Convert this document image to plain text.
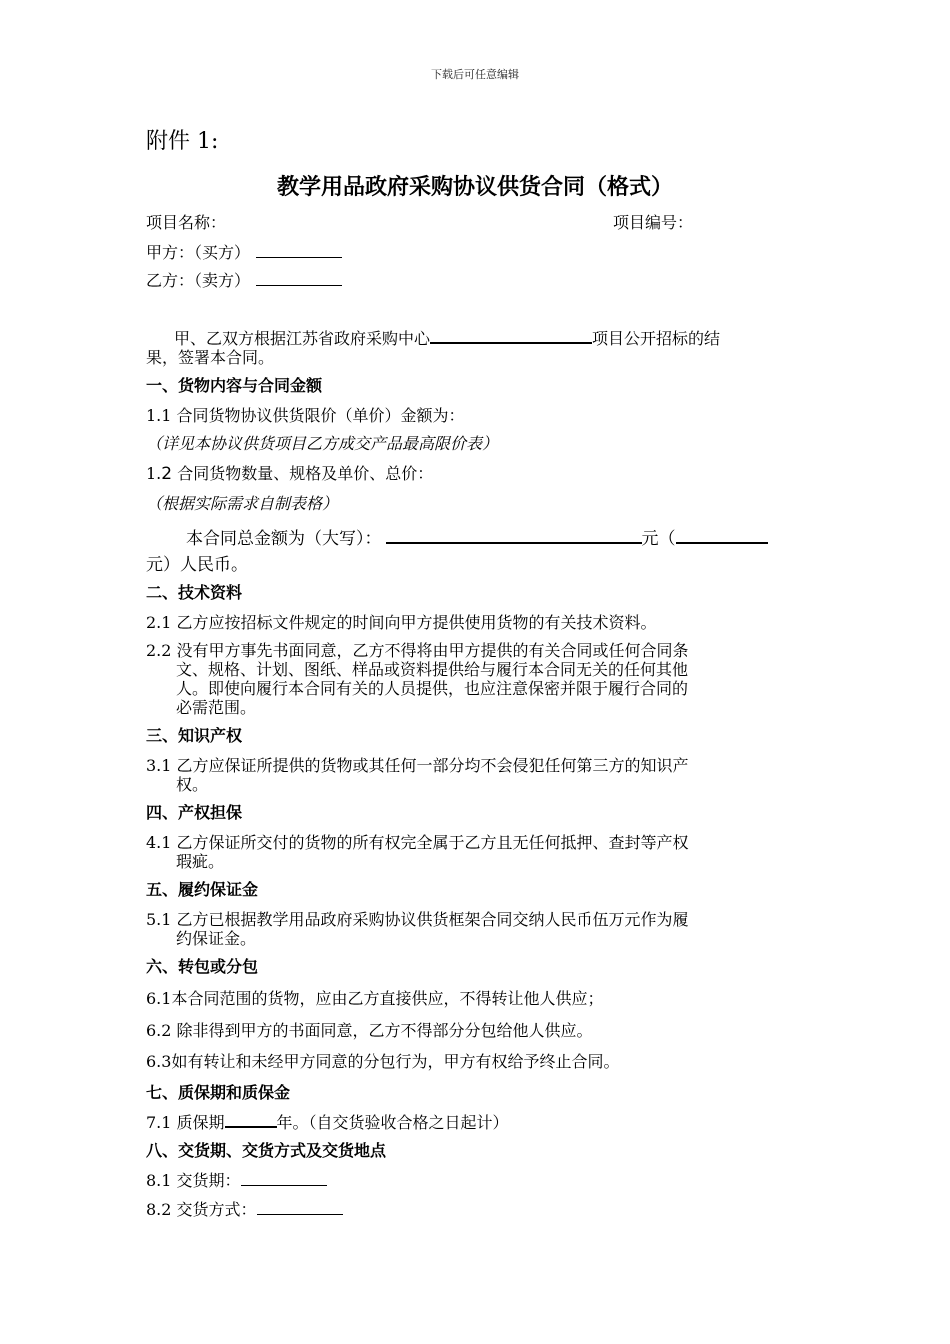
下载后可任意编辑
附件 1:
教学用品政府采购协议供货合同（格式）
项目名称：	项目编号：
甲方：（买方）
乙方：（卖方）
甲、乙双方根据江苏省政府采购中心	项目公开招标的结
果，签署本合同。
一、货物内容与合同金额
1.1 合同货物协议供货限价（单价）金额为：
（详见本协议供货项目乙方成交产品最高限价表）
1.2 合同货物数量、规格及单价、总价：
（根据实际需求自制表格）
本合同总金额为（大写）：	元（
元）人民币。
二、技术资料
2.1 乙方应按招标文件规定的时间向甲方提供使用货物的有关技术资料。
2.2 没有甲方事先书面同意，乙方不得将由甲方提供的有关合同或任何合同条
文、规格、计划、图纸、样品或资料提供给与履行本合同无关的任何其他
人。即使向履行本合同有关的人员提供，也应注意保密并限于履行合同的
必需范围。
三、知识产权
3.1 乙方应保证所提供的货物或其任何一部分均不会侵犯任何第三方的知识产
权。
四、产权担保
4.1 乙方保证所交付的货物的所有权完全属于乙方且无任何抵押、查封等产权
瑕疵。
五、履约保证金
5.1 乙方已根据教学用品政府采购协议供货框架合同交纳人民币伍万元作为履
约保证金。
六、转包或分包
6.1本合同范围的货物，应由乙方直接供应，不得转让他人供应；
6.2 除非得到甲方的书面同意，乙方不得部分分包给他人供应。
6.3如有转让和未经甲方同意的分包行为，甲方有权给予终止合同。
七、质保期和质保金
7.1 质保期	年。（自交货验收合格之日起计）
八、交货期、交货方式及交货地点
8.1 交货期：
8.2 交货方式：
